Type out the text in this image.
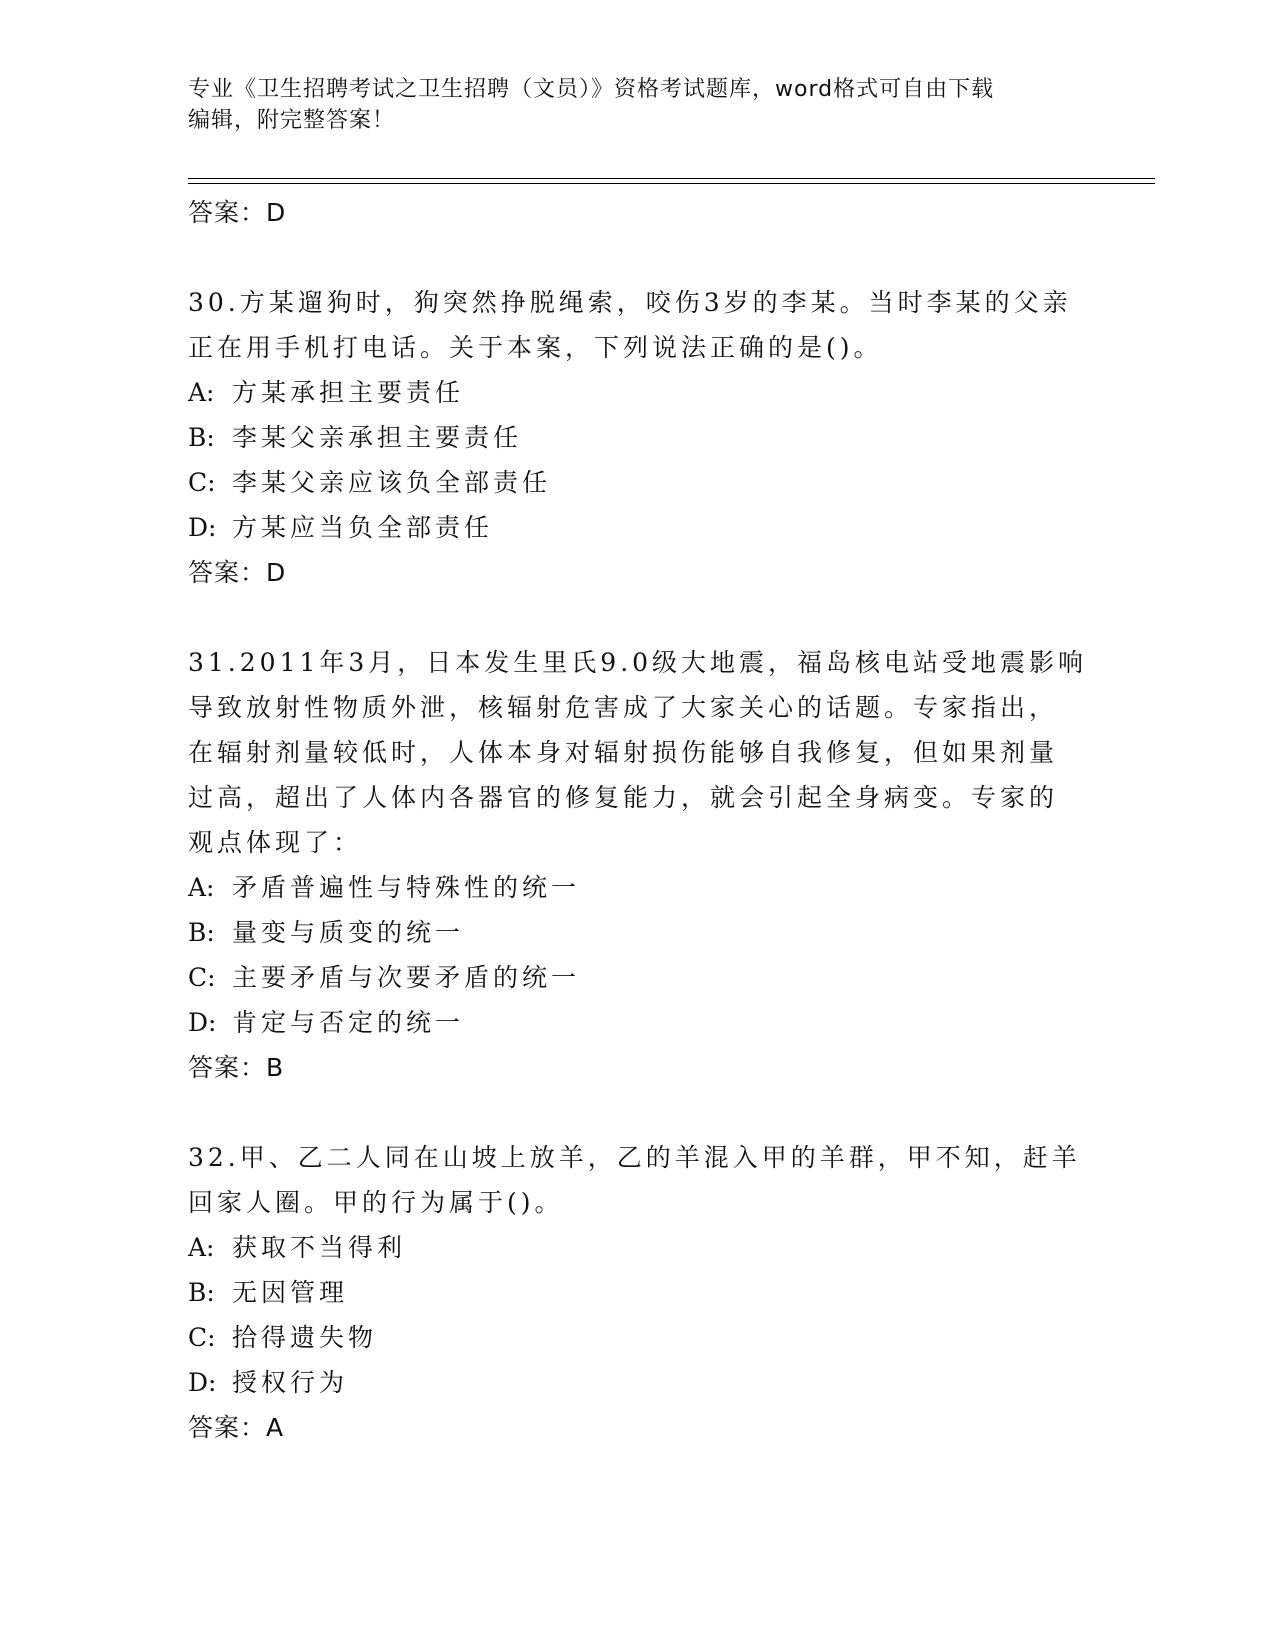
专业《卫生招聘考试之卫生招聘（文员）》资格考试题库，word格式可自由下载
编辑，附完整答案！
答案：D
30.方某遛狗时，狗突然挣脱绳索，咬伤3岁的李某。当时李某的父亲
正在用手机打电话。关于本案，下列说法正确的是()。
A: 方某承担主要责任
B: 李某父亲承担主要责任
C: 李某父亲应该负全部责任
D: 方某应当负全部责任
答案：D
31.2011年3月，日本发生里氏9.0级大地震，福岛核电站受地震影响
导致放射性物质外泄，核辐射危害成了大家关心的话题。专家指出，
在辐射剂量较低时，人体本身对辐射损伤能够自我修复，但如果剂量
过高，超出了人体内各器官的修复能力，就会引起全身病变。专家的
观点体现了：
A: 矛盾普遍性与特殊性的统一
B: 量变与质变的统一
C: 主要矛盾与次要矛盾的统一
D: 肯定与否定的统一
答案：B
32.甲、乙二人同在山坡上放羊，乙的羊混入甲的羊群，甲不知，赶羊
回家人圈。甲的行为属于()。
A: 获取不当得利
B: 无因管理
C: 拾得遗失物
D: 授权行为
答案：A
